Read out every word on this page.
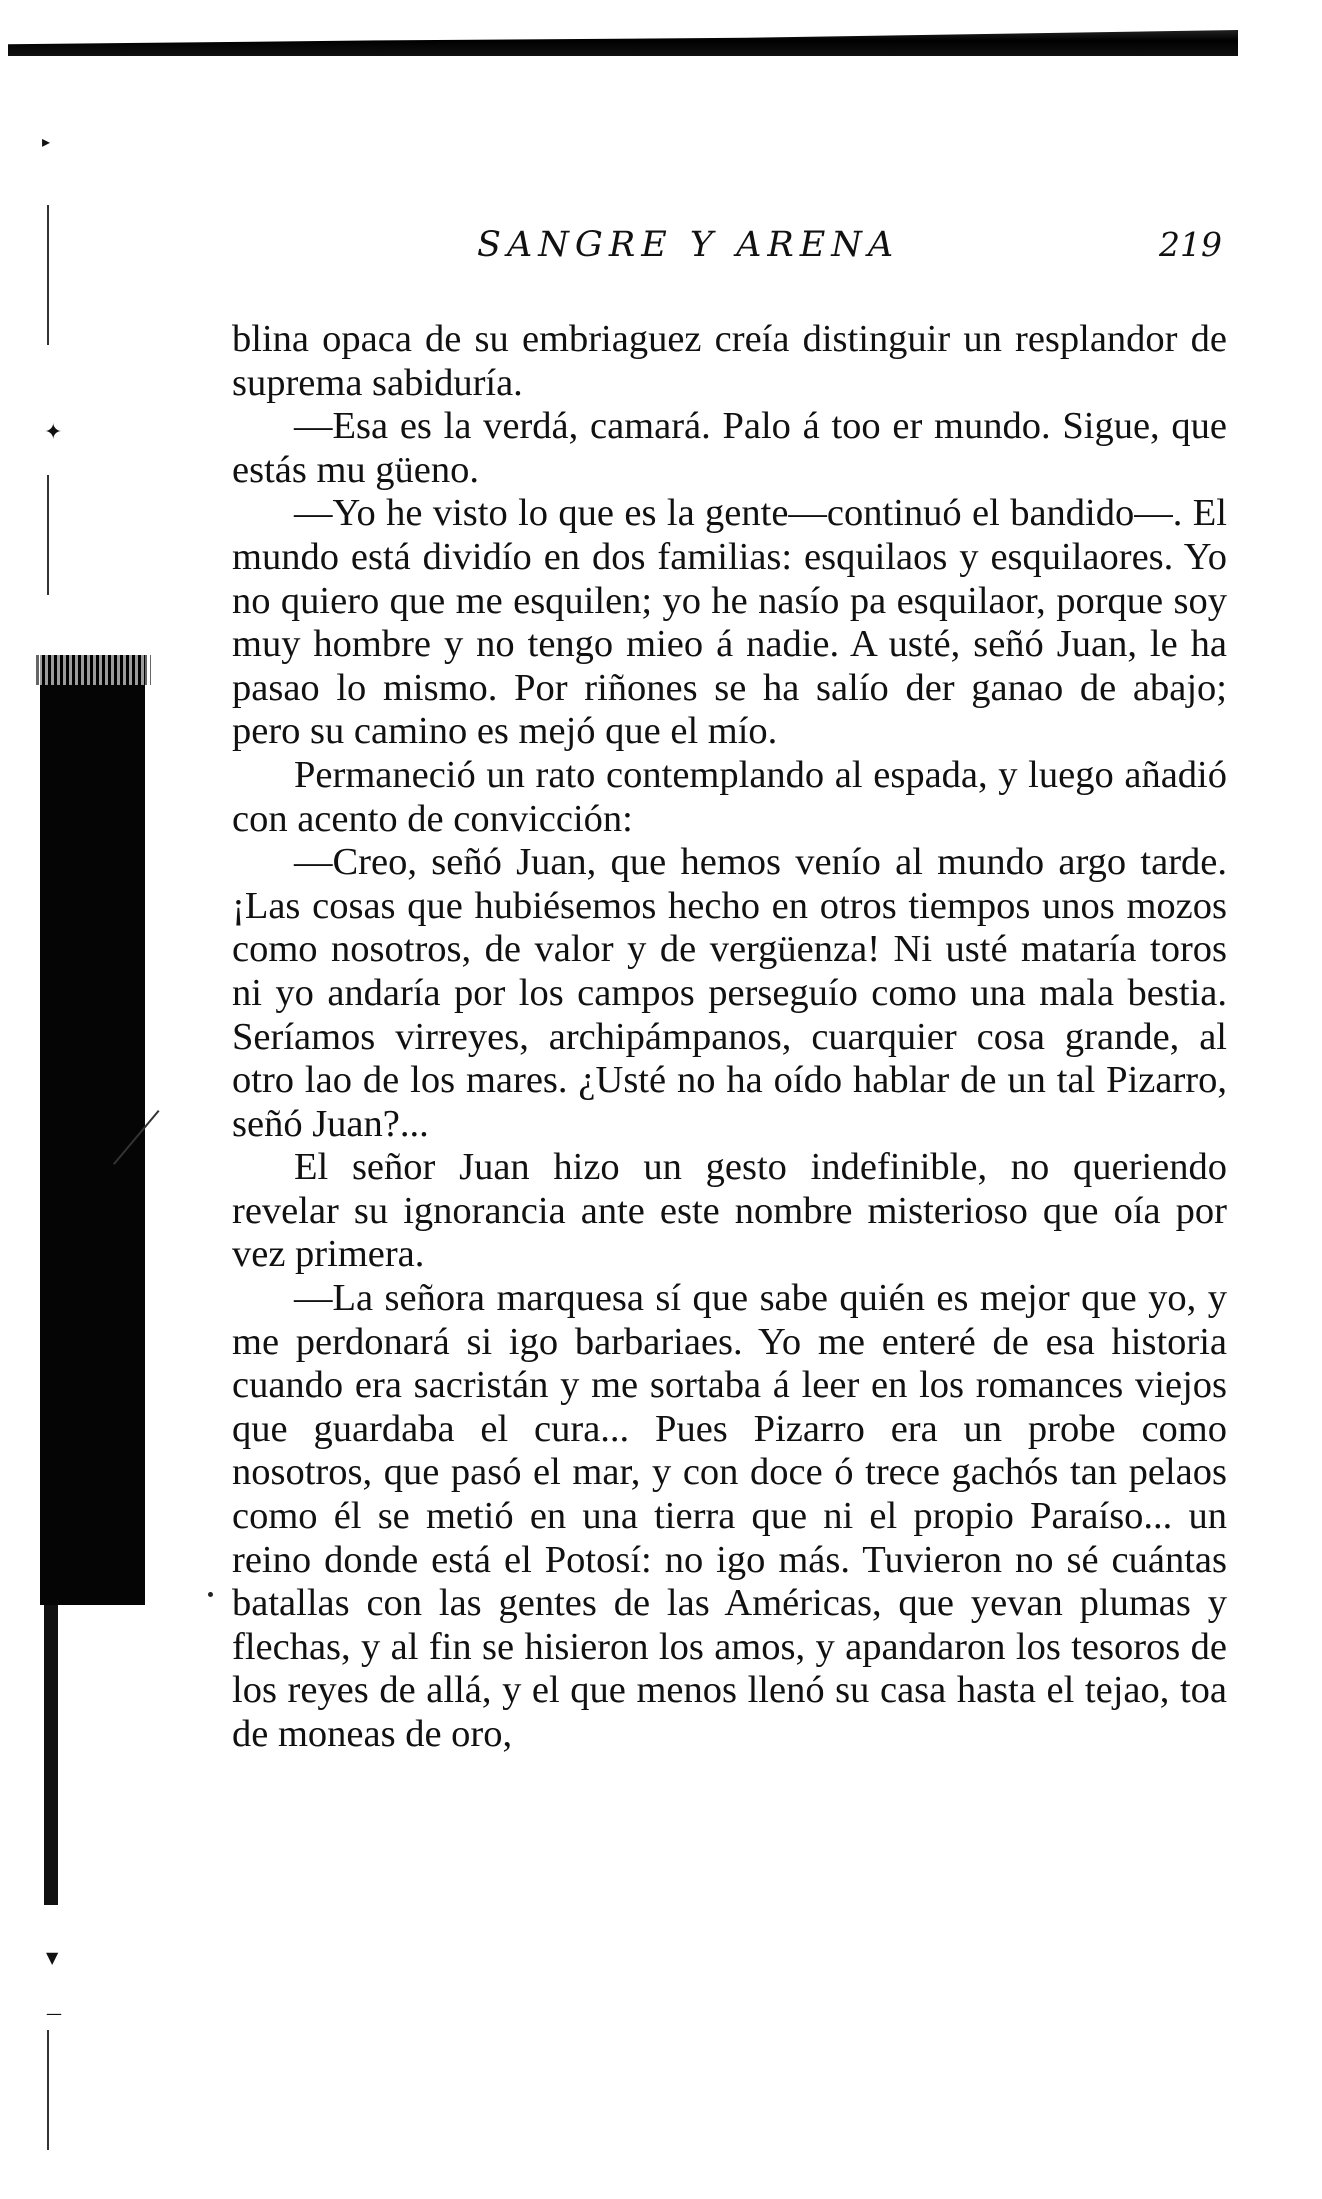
▸
✦
▼
—
SANGRE Y ARENA	219

blina opaca de su embriaguez creía distinguir un resplandor de suprema sabiduría.

—Esa es la verdá, camará. Palo á too er mundo. Sigue, que estás mu güeno.

—Yo he visto lo que es la gente—continuó el bandido—. El mundo está dividío en dos familias: esquilaos y esquilaores. Yo no quiero que me esquilen; yo he nasío pa esquilaor, porque soy muy hombre y no tengo mieo á nadie. A usté, señó Juan, le ha pasao lo mismo. Por riñones se ha salío der ganao de abajo; pero su camino es mejó que el mío.

Permaneció un rato contemplando al espada, y luego añadió con acento de convicción:

—Creo, señó Juan, que hemos venío al mundo argo tarde. ¡Las cosas que hubiésemos hecho en otros tiempos unos mozos como nosotros, de valor y de vergüenza! Ni usté mataría toros ni yo andaría por los campos perseguío como una mala bestia. Seríamos virreyes, archipámpanos, cuarquier cosa grande, al otro lao de los mares. ¿Usté no ha oído hablar de un tal Pizarro, señó Juan?...

El señor Juan hizo un gesto indefinible, no queriendo revelar su ignorancia ante este nombre misterioso que oía por vez primera.

—La señora marquesa sí que sabe quién es mejor que yo, y me perdonará si igo barbariaes. Yo me enteré de esa historia cuando era sacristán y me sortaba á leer en los romances viejos que guardaba el cura... Pues Pizarro era un probe como nosotros, que pasó el mar, y con doce ó trece gachós tan pelaos como él se metió en una tierra que ni el propio Paraíso... un reino donde está el Potosí: no igo más. Tuvieron no sé cuántas batallas con las gentes de las Américas, que yevan plumas y flechas, y al fin se hisieron los amos, y apandaron los tesoros de los reyes de allá, y el que menos llenó su casa hasta el tejao, toa de moneas de oro,
